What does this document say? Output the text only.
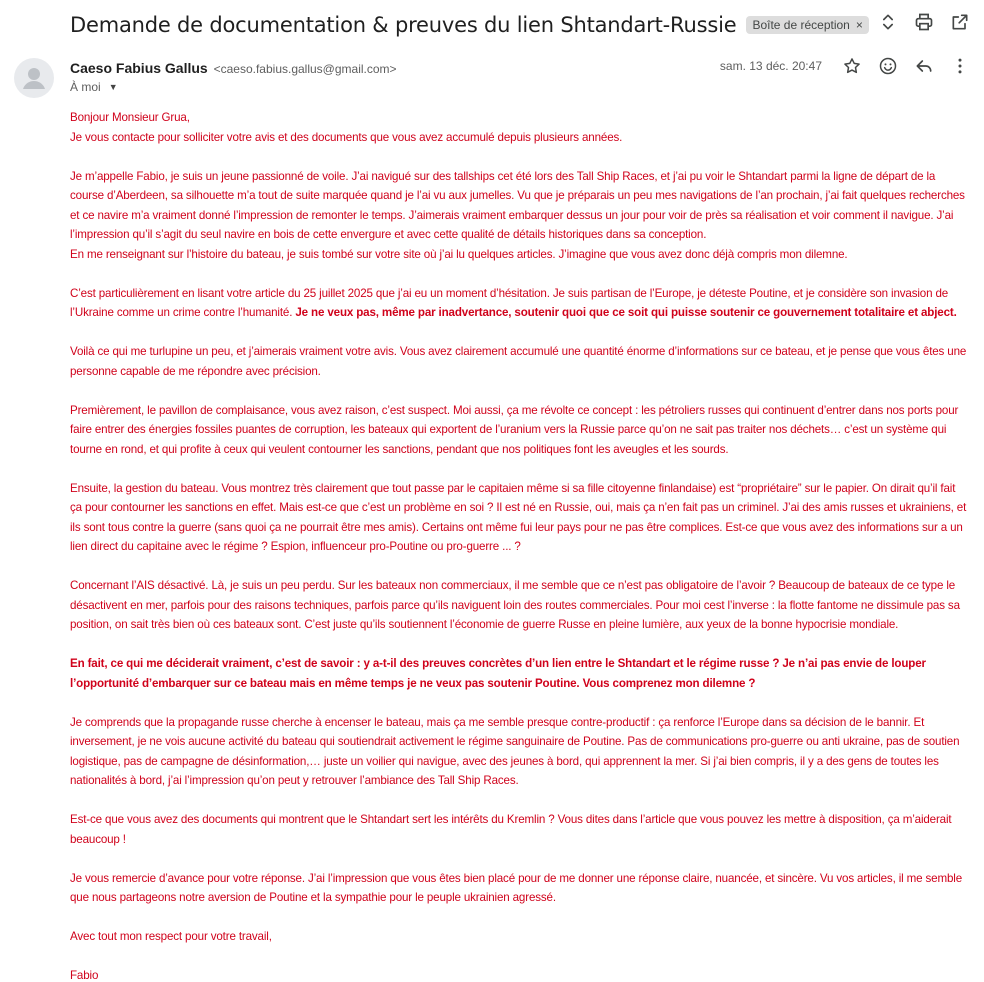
Demande de documentation & preuves du lien Shtandart-Russie Boîte de réception ×
Caeso Fabius Gallus <caeso.fabius.gallus@gmail.com>
À moi ▼
sam. 13 déc. 20:47

Bonjour Monsieur Grua,

Je vous contacte pour solliciter votre avis et des documents que vous avez accumulé depuis plusieurs années.

Je m’appelle Fabio, je suis un jeune passionné de voile. J’ai navigué sur des tallships cet été lors des Tall Ship Races, et j’ai pu voir le Shtandart parmi la ligne de départ de la course d’Aberdeen, sa silhouette m’a tout de suite marquée quand je l’ai vu aux jumelles. Vu que je préparais un peu mes navigations de l’an prochain, j’ai fait quelques recherches et ce navire m’a vraiment donné l’impression de remonter le temps. J’aimerais vraiment embarquer dessus un jour pour voir de près sa réalisation et voir comment il navigue. J’ai l’impression qu’il s’agit du seul navire en bois de cette envergure et avec cette qualité de détails historiques dans sa conception.

En me renseignant sur l’histoire du bateau, je suis tombé sur votre site où j’ai lu quelques articles. J’imagine que vous avez donc déjà compris mon dilemne.

C’est particulièrement en lisant votre article du 25 juillet 2025 que j’ai eu un moment d’hésitation. Je suis partisan de l’Europe, je déteste Poutine, et je considère son invasion de l’Ukraine comme un crime contre l’humanité. Je ne veux pas, même par inadvertance, soutenir quoi que ce soit qui puisse soutenir ce gouvernement totalitaire et abject.

Voilà ce qui me turlupine un peu, et j’aimerais vraiment votre avis. Vous avez clairement accumulé une quantité énorme d’informations sur ce bateau, et je pense que vous êtes une personne capable de me répondre avec précision.

Premièrement, le pavillon de complaisance, vous avez raison, c’est suspect. Moi aussi, ça me révolte ce concept : les pétroliers russes qui continuent d’entrer dans nos ports pour faire entrer des énergies fossiles puantes de corruption, les bateaux qui exportent de l’uranium vers la Russie parce qu’on ne sait pas traiter nos déchets… c’est un système qui tourne en rond, et qui profite à ceux qui veulent contourner les sanctions, pendant que nos politiques font les aveugles et les sourds.

Ensuite, la gestion du bateau. Vous montrez très clairement que tout passe par le capitaien même si sa fille citoyenne finlandaise) est “propriétaire” sur le papier. On dirait qu’il fait ça pour contourner les sanctions en effet. Mais est-ce que c’est un problème en soi ? Il est né en Russie, oui, mais ça n’en fait pas un criminel. J’ai des amis russes et ukrainiens, et ils sont tous contre la guerre (sans quoi ça ne pourrait être mes amis). Certains ont même fui leur pays pour ne pas être complices. Est-ce que vous avez des informations sur a un lien direct du capitaine avec le régime ? Espion, influenceur pro-Poutine ou pro-guerre ... ?

Concernant l’AIS désactivé. Là, je suis un peu perdu. Sur les bateaux non commerciaux, il me semble que ce n’est pas obligatoire de l’avoir ? Beaucoup de bateaux de ce type le désactivent en mer, parfois pour des raisons techniques, parfois parce qu’ils naviguent loin des routes commerciales. Pour moi cest l’inverse : la flotte fantome ne dissimule pas sa position, on sait très bien où ces bateaux sont. C’est juste qu’ils soutiennent l’économie de guerre Russe en pleine lumière, aux yeux de la bonne hypocrisie mondiale.

En fait, ce qui me déciderait vraiment, c’est de savoir : y a-t-il des preuves concrètes d’un lien entre le Shtandart et le régime russe ? Je n’ai pas envie de louper l’opportunité d’embarquer sur ce bateau mais en même temps je ne veux pas soutenir Poutine. Vous comprenez mon dilemne ?

Je comprends que la propagande russe cherche à encenser le bateau, mais ça me semble presque contre-productif : ça renforce l’Europe dans sa décision de le bannir. Et inversement, je ne vois aucune activité du bateau qui soutiendrait activement le régime sanguinaire de Poutine. Pas de communications pro-guerre ou anti ukraine, pas de soutien logistique, pas de campagne de désinformation,… juste un voilier qui navigue, avec des jeunes à bord, qui apprennent la mer. Si j’ai bien compris, il y a des gens de toutes les nationalités à bord, j’ai l’impression qu’on peut y retrouver l’ambiance des Tall Ship Races.

Est-ce que vous avez des documents qui montrent que le Shtandart sert les intérêts du Kremlin ? Vous dites dans l’article que vous pouvez les mettre à disposition, ça m’aiderait beaucoup !

Je vous remercie d’avance pour votre réponse. J’ai l’impression que vous êtes bien placé pour de me donner une réponse claire, nuancée, et sincère. Vu vos articles, il me semble que nous partageons notre aversion de Poutine et la sympathie pour le peuple ukrainien agressé.

Avec tout mon respect pour votre travail,

Fabio
